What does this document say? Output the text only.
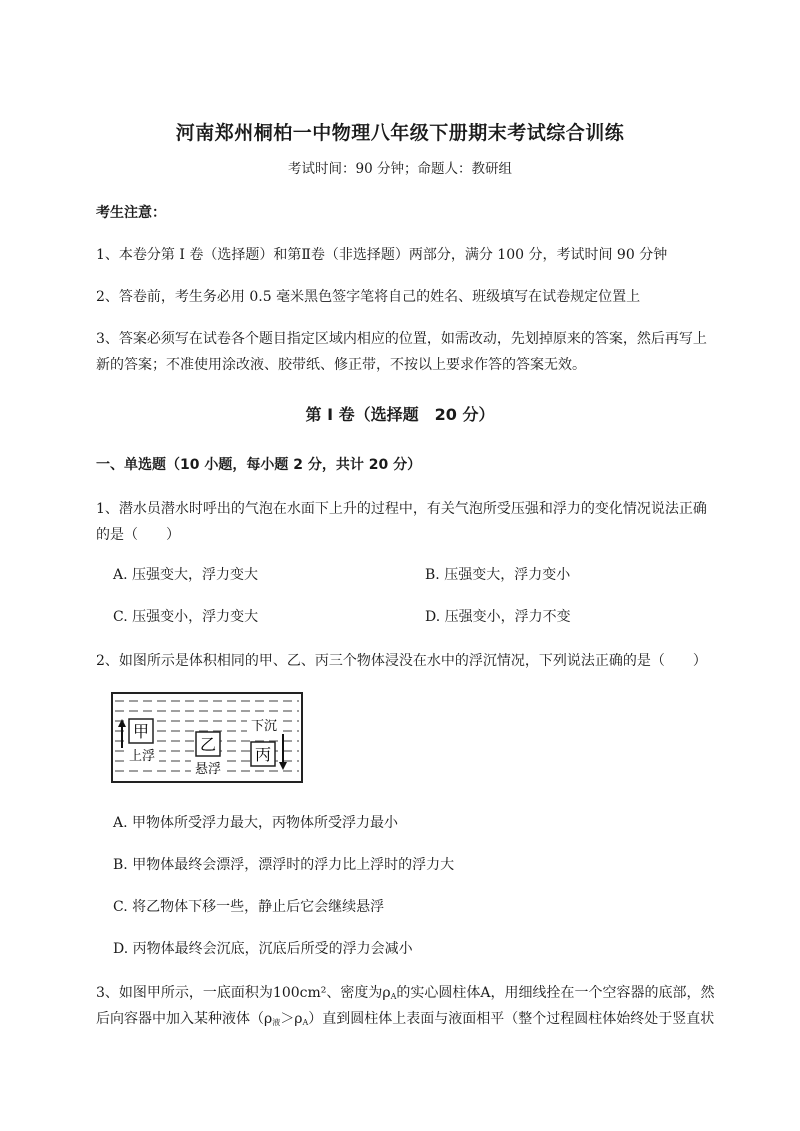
河南郑州桐柏一中物理八年级下册期末考试综合训练
考试时间：90 分钟；命题人：教研组
考生注意：
1、本卷分第 I 卷（选择题）和第Ⅱ卷（非选择题）两部分，满分 100 分，考试时间 90 分钟
2、答卷前，考生务必用 0.5 毫米黑色签字笔将自己的姓名、班级填写在试卷规定位置上
3、答案必须写在试卷各个题目指定区域内相应的位置，如需改动，先划掉原来的答案，然后再写上新的答案；不准使用涂改液、胶带纸、修正带，不按以上要求作答的答案无效。
第 I 卷（选择题　20 分）
一、单选题（10 小题，每小题 2 分，共计 20 分）
1、潜水员潜水时呼出的气泡在水面下上升的过程中，有关气泡所受压强和浮力的变化情况说法正确的是（　　）
A. 压强变大，浮力变大	B. 压强变大，浮力变小
C. 压强变小，浮力变大	D. 压强变小，浮力不变
2、如图所示是体积相同的甲、乙、丙三个物体浸没在水中的浮沉情况，下列说法正确的是（　　）
甲
上浮
乙
悬浮
下沉
丙
A. 甲物体所受浮力最大，丙物体所受浮力最小
B. 甲物体最终会漂浮，漂浮时的浮力比上浮时的浮力大
C. 将乙物体下移一些，静止后它会继续悬浮
D. 丙物体最终会沉底，沉底后所受的浮力会减小
3、如图甲所示，一底面积为100cm²、密度为$\rho_A$的实心圆柱体A，用细线拴在一个空容器的底部，然
后向容器中加入某种液体$(\rho_液>\rho_A)$直到圆柱体上表面与液面相平（整个过程圆柱体始终处于竖直状
